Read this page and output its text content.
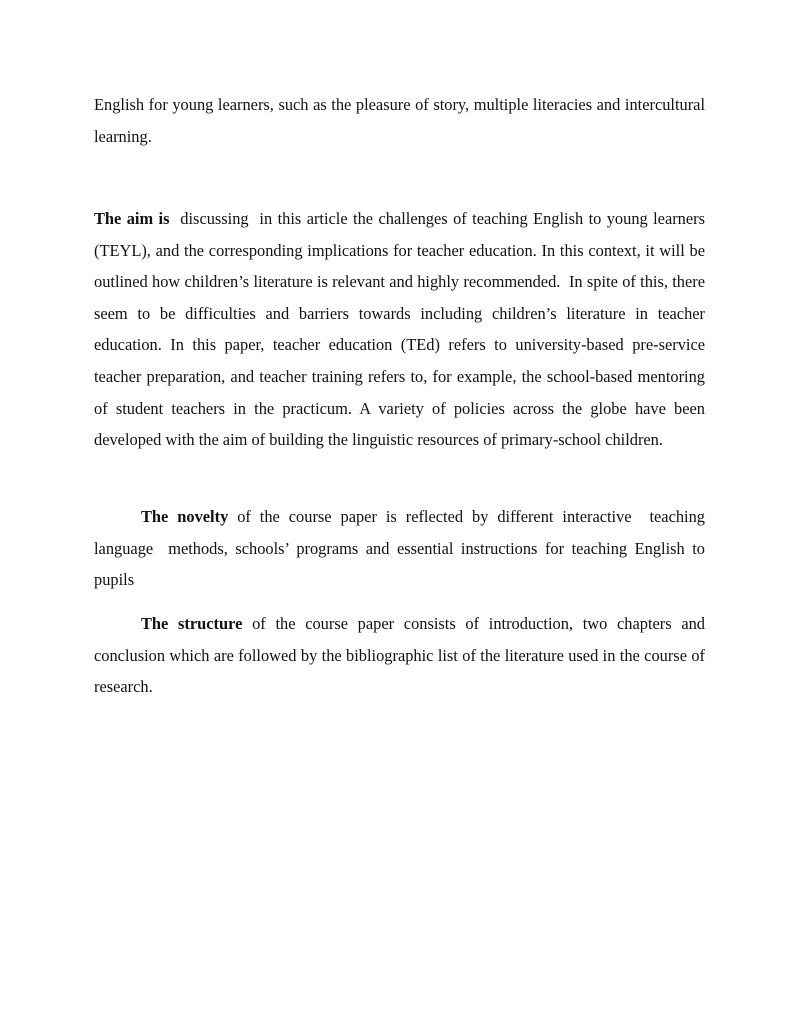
English for young learners, such as the pleasure of story, multiple literacies and intercultural learning.

The aim is  discussing  in this article the challenges of teaching English to young learners (TEYL), and the corresponding implications for teacher education. In this context, it will be outlined how children’s literature is relevant and highly recommended.  In spite of this, there seem to be difficulties and barriers towards including children’s literature in teacher education. In this paper, teacher education (TEd) refers to university-based pre-service teacher preparation, and teacher training refers to, for example, the school-based mentoring of student teachers in the practicum. A variety of policies across the globe have been developed with the aim of building the linguistic resources of primary-school children.

The novelty of the course paper is reflected by different interactive  teaching language  methods, schools’ programs and essential instructions for teaching English to pupils

The structure of the course paper consists of introduction, two chapters and conclusion which are followed by the bibliographic list of the literature used in the course of research.
